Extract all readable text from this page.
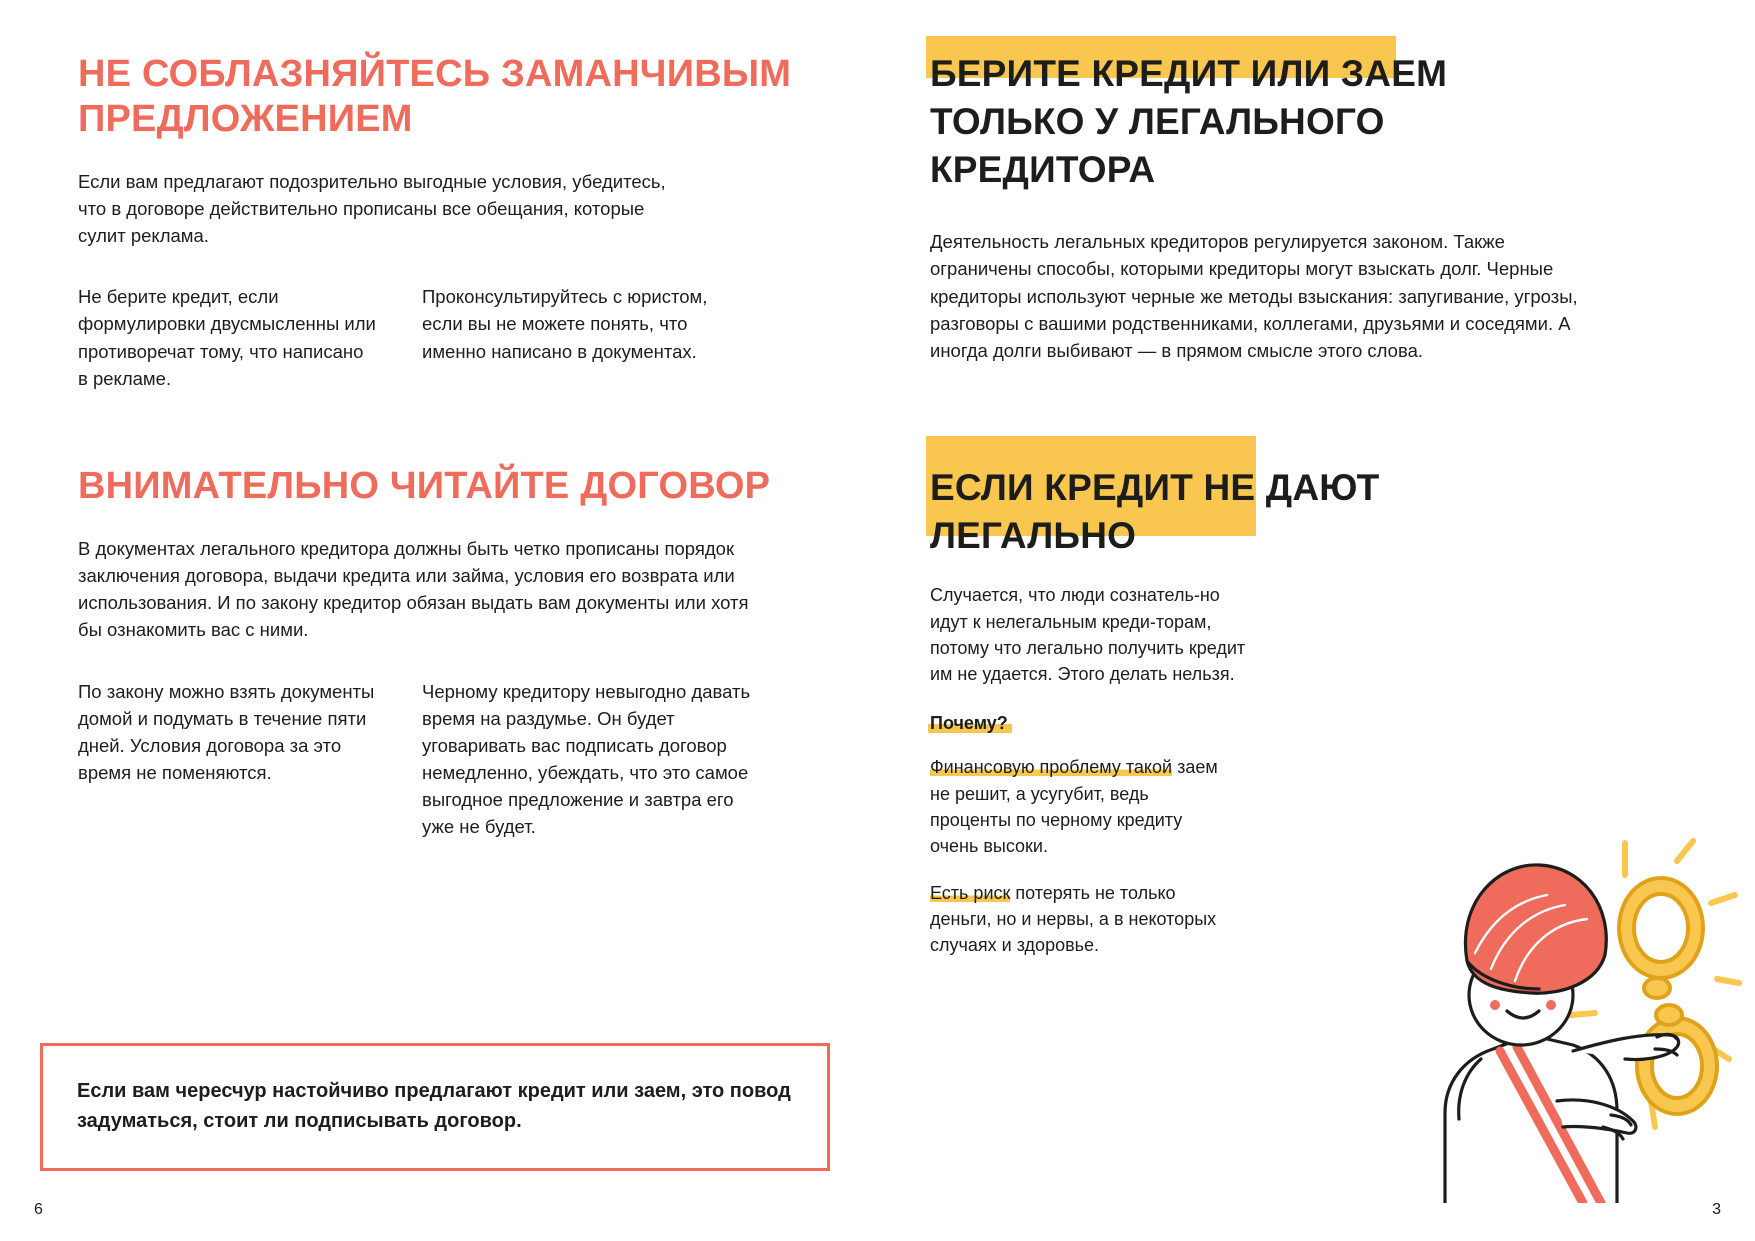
НЕ СОБЛАЗНЯЙТЕСЬ ЗАМАНЧИВЫМ ПРЕДЛОЖЕНИЕМ

Если вам предлагают подозрительно выгодные условия, убедитесь, что в договоре действительно прописаны все обещания, которые сулит реклама.

Не берите кредит, если формулировки двусмысленны или противоречат тому, что написано в рекламе.

Проконсультируйтесь с юристом, если вы не можете понять, что именно написано в документах.

ВНИМАТЕЛЬНО ЧИТАЙТЕ ДОГОВОР

В документах легального кредитора должны быть четко прописаны порядок заключения договора, выдачи кредита или займа, условия его возврата или использования. И по закону кредитор обязан выдать вам документы или хотя бы ознакомить вас с ними.

По закону можно взять документы домой и подумать в течение пяти дней. Условия договора за это время не поменяются.

Черному кредитору невыгодно давать время на раздумье. Он будет уговаривать вас подписать договор немедленно, убеждать, что это самое выгодное предложение и завтра его уже не будет.

Если вам чересчур настойчиво предлагают кредит или заем, это повод задуматься, стоит ли подписывать договор.

6
БЕРИТЕ КРЕДИТ ИЛИ ЗАЕМ
ТОЛЬКО У ЛЕГАЛЬНОГО
КРЕДИТОРА

Деятельность легальных кредиторов регулируется законом. Также ограничены способы, которыми кредиторы могут взыскать долг. Черные кредиторы используют черные же методы взыскания: запугивание, угрозы, разговоры с вашими родственниками, коллегами, друзьями и соседями. А иногда долги выбивают — в прямом смысле этого слова.

ЕСЛИ КРЕДИТ НЕ ДАЮТ
ЛЕГАЛЬНО

Случается, что люди сознатель-но идут к нелегальным креди-торам, потому что легально получить кредит им не удается. Этого делать нельзя.

Почему?

Финансовую проблему такой заем не решит, а усугубит, ведь проценты по черному кредиту очень высоки.

Есть риск потерять не только деньги, но и нервы, а в некоторых случаях и здоровье.

3
